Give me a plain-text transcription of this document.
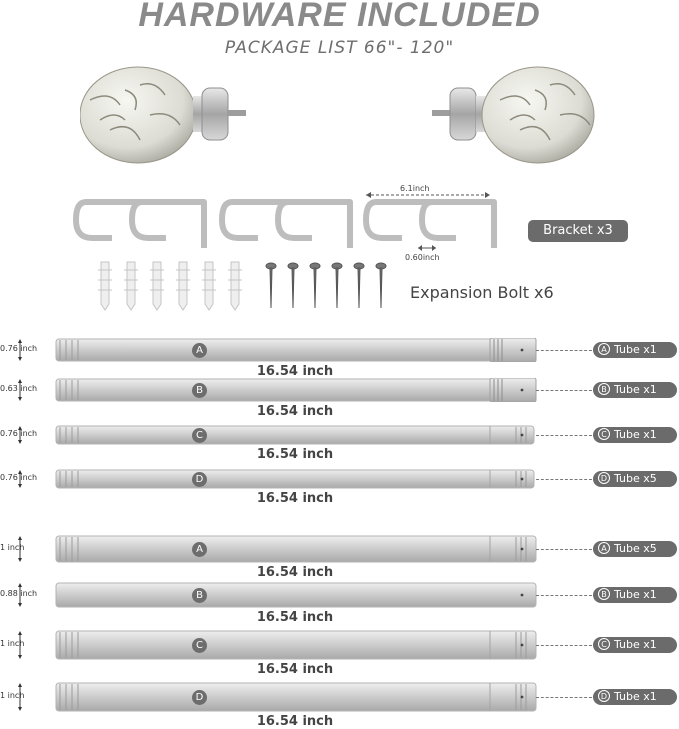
HARDWARE INCLUDED
PACKAGE LIST 66"- 120"
6.1inch
0.60inch
Bracket x3
Expansion Bolt x6
0.76 inch	A
16.54 inch
A Tube x1
0.63 inch	B
16.54 inch
B Tube x1
0.76 inch	C
16.54 inch
C Tube x1
0.76 inch	D
16.54 inch
D Tube x5
1 inch	A
16.54 inch
A Tube x5
0.88 inch	B
16.54 inch
B Tube x1
1 inch	C
16.54 inch
C Tube x1
1 inch	D
16.54 inch
D Tube x1
